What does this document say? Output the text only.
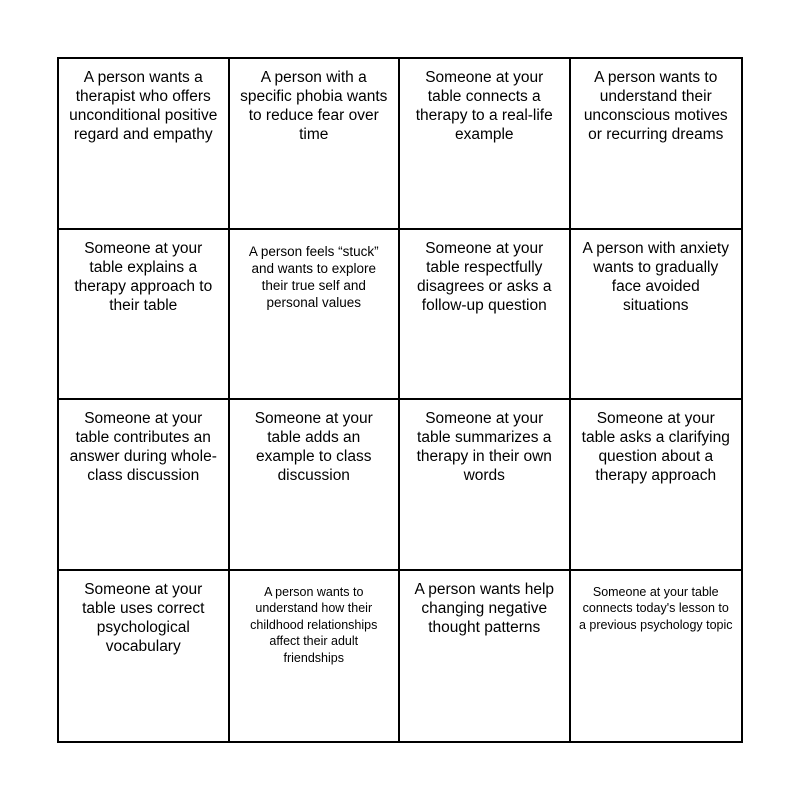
A person wants a therapist who offers unconditional positive regard and empathy
A person with a specific phobia wants to reduce fear over time
Someone at your table connects a therapy to a real-life example
A person wants to understand their unconscious motives or recurring dreams
Someone at your table explains a therapy approach to their table
A person feels “stuck” and wants to explore their true self and personal values
Someone at your table respectfully disagrees or asks a follow-up question
A person with anxiety wants to gradually face avoided situations
Someone at your table contributes an answer during whole-class discussion
Someone at your table adds an example to class discussion
Someone at your table summarizes a therapy in their own words
Someone at your table asks a clarifying question about a therapy approach
Someone at your table uses correct psychological vocabulary
A person wants to understand how their childhood relationships affect their adult friendships
A person wants help changing negative thought patterns
Someone at your table connects today's lesson to a previous psychology topic
